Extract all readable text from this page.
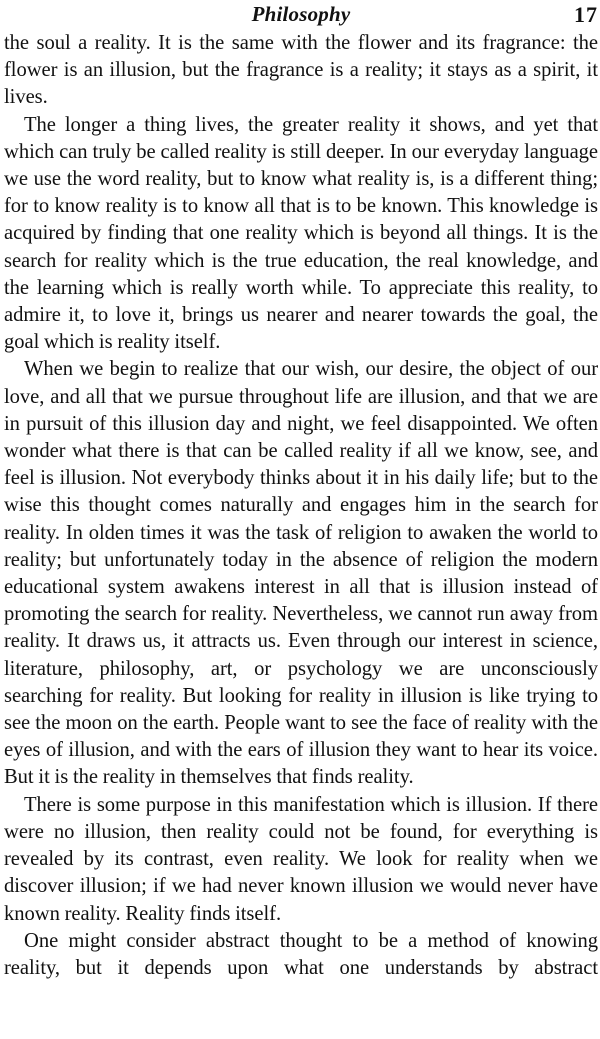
Philosophy	17

the soul a reality. It is the same with the flower and its fragrance: the flower is an illusion, but the fragrance is a reality; it stays as a spirit, it lives.

The longer a thing lives, the greater reality it shows, and yet that which can truly be called reality is still deeper. In our everyday language we use the word reality, but to know what reality is, is a different thing; for to know reality is to know all that is to be known. This knowledge is acquired by finding that one reality which is beyond all things. It is the search for reality which is the true education, the real knowledge, and the learning which is really worth while. To appreciate this reality, to admire it, to love it, brings us nearer and nearer towards the goal, the goal which is reality itself.

When we begin to realize that our wish, our desire, the object of our love, and all that we pursue throughout life are illusion, and that we are in pursuit of this illusion day and night, we feel disappointed. We often wonder what there is that can be called reality if all we know, see, and feel is illusion. Not everybody thinks about it in his daily life; but to the wise this thought comes naturally and engages him in the search for reality. In olden times it was the task of religion to awaken the world to reality; but unfortunately today in the absence of religion the modern educational system awakens interest in all that is illusion instead of promoting the search for reality. Nevertheless, we cannot run away from reality. It draws us, it attracts us. Even through our interest in science, literature, philosophy, art, or psychology we are unconsciously searching for reality. But looking for reality in illusion is like trying to see the moon on the earth. People want to see the face of reality with the eyes of illusion, and with the ears of illusion they want to hear its voice. But it is the reality in themselves that finds reality.

There is some purpose in this manifestation which is illusion. If there were no illusion, then reality could not be found, for everything is revealed by its contrast, even reality. We look for reality when we discover illusion; if we had never known illusion we would never have known reality. Reality finds itself.

One might consider abstract thought to be a method of knowing reality, but it depends upon what one understands by abstract
